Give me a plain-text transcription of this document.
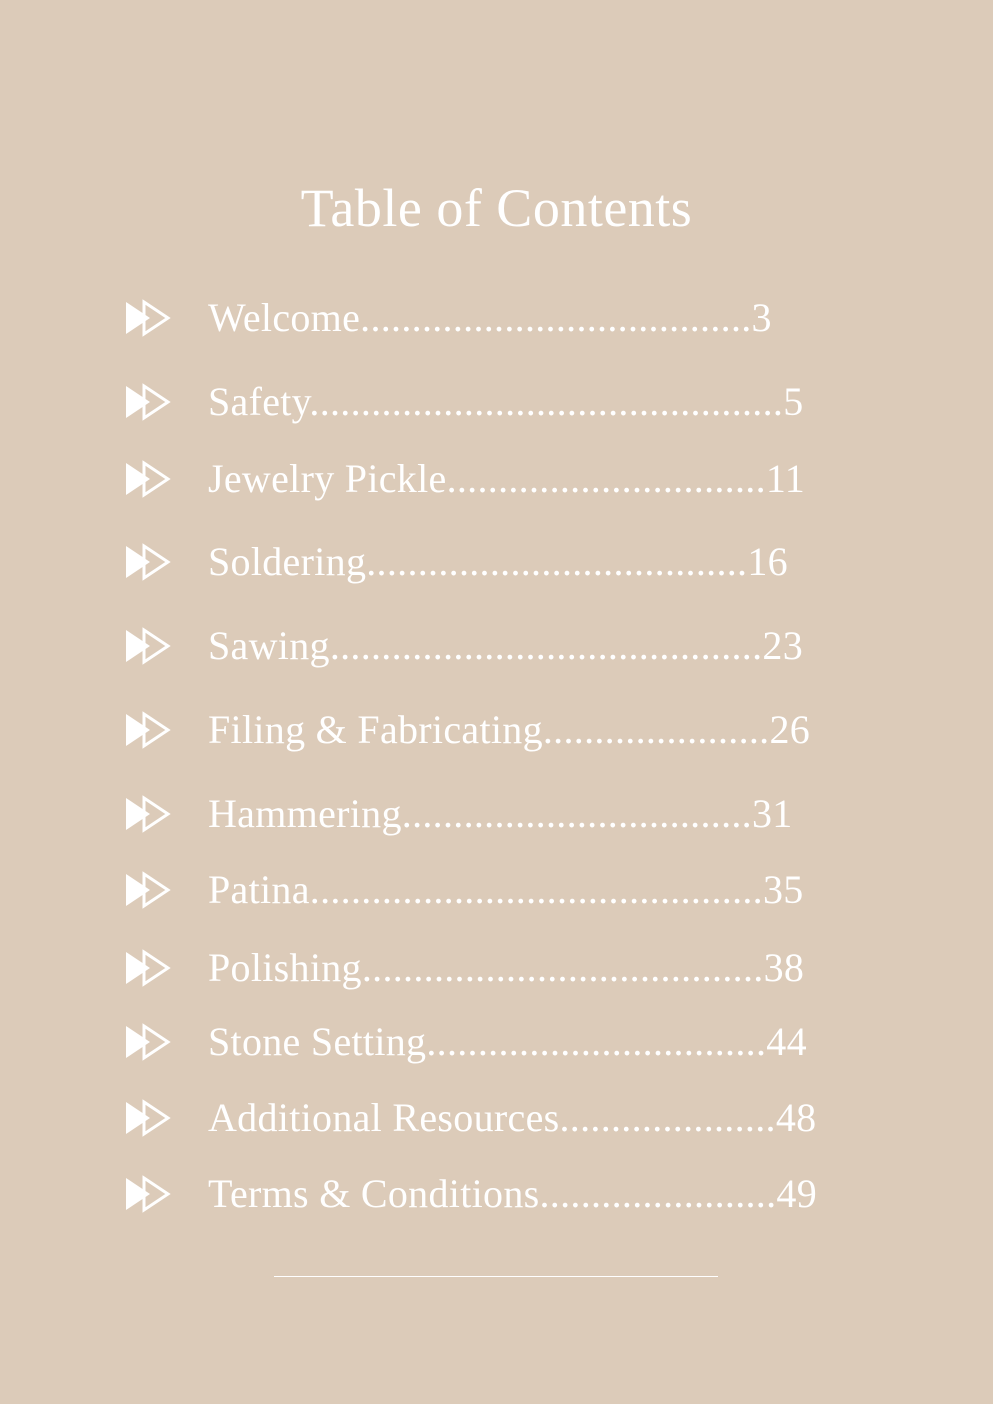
Table of Contents
Welcome......................................3
Safety..............................................5
Jewelry Pickle...............................11
Soldering.....................................16
Sawing..........................................23
Filing & Fabricating......................26
Hammering..................................31
Patina............................................35
Polishing.......................................38
Stone Setting.................................44
Additional Resources.....................48
Terms & Conditions.......................49
